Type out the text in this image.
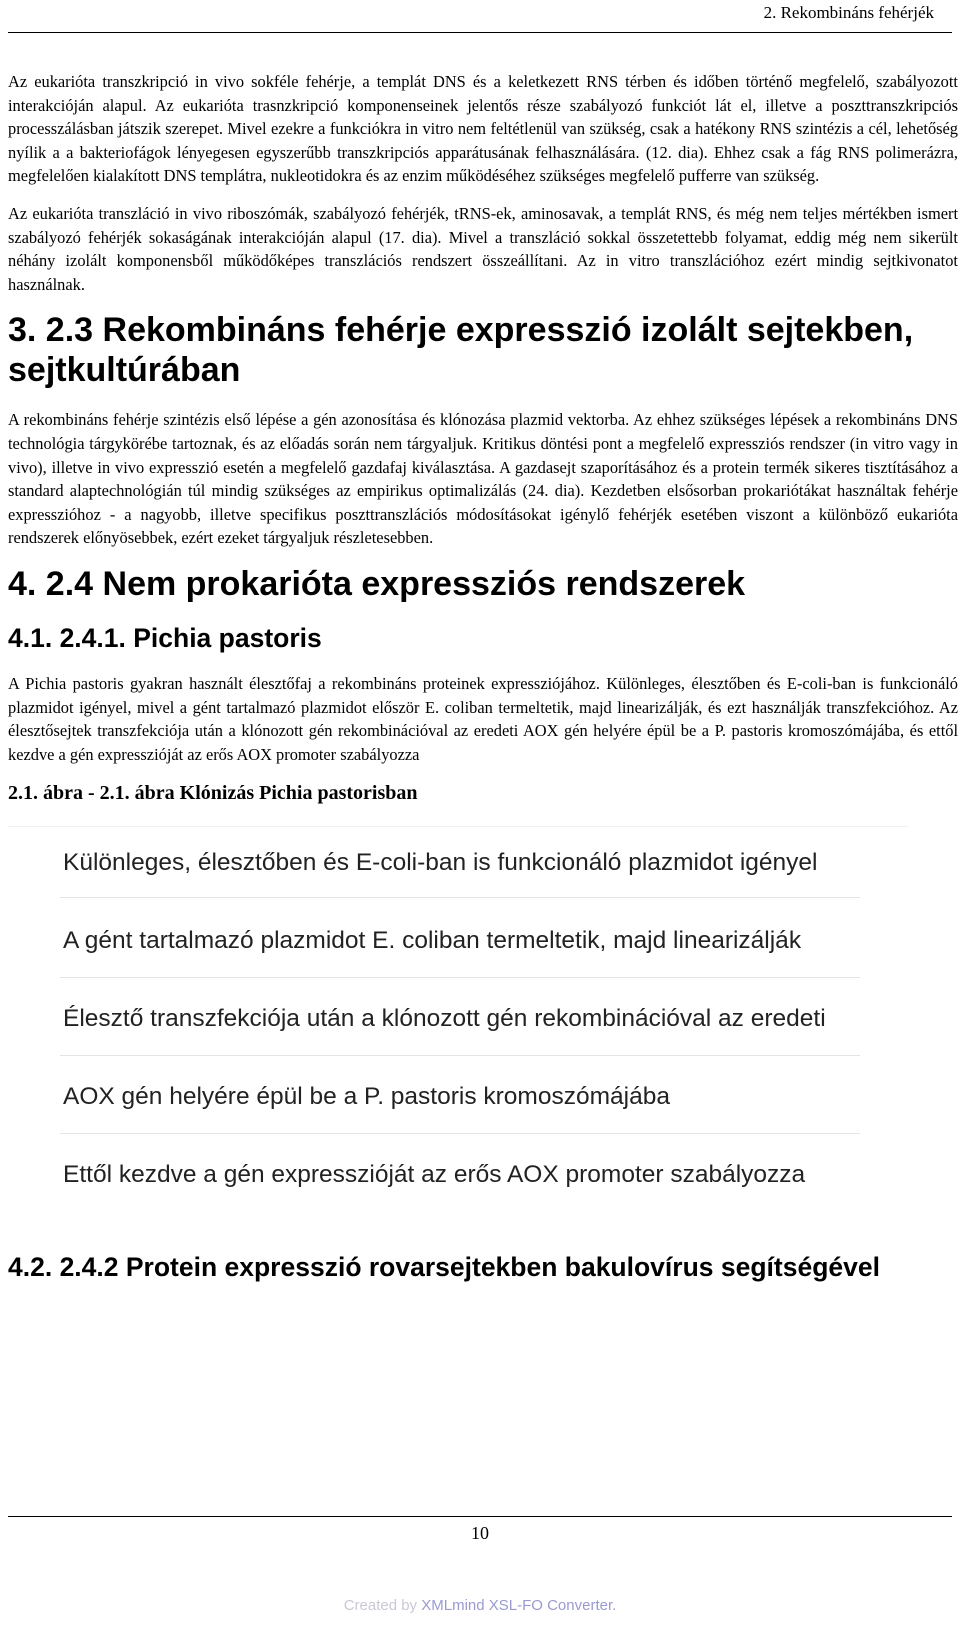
2. Rekombináns fehérjék

Az eukarióta transzkripció in vivo sokféle fehérje, a templát DNS és a keletkezett RNS térben és időben történő megfelelő, szabályozott interakcióján alapul. Az eukarióta trasnzkripció komponenseinek jelentős része szabályozó funkciót lát el, illetve a poszttranszkripciós processzálásban játszik szerepet. Mivel ezekre a funkciókra in vitro nem feltétlenül van szükség, csak a hatékony RNS szintézis a cél, lehetőség nyílik a a bakteriofágok lényegesen egyszerűbb transzkripciós apparátusának felhasználására. (12. dia). Ehhez csak a fág RNS polimerázra, megfelelően kialakított DNS templátra, nukleotidokra és az enzim működéséhez szükséges megfelelő pufferre van szükség.

Az eukarióta transzláció in vivo riboszómák, szabályozó fehérjék, tRNS-ek, aminosavak, a templát RNS, és még nem teljes mértékben ismert szabályozó fehérjék sokaságának interakcióján alapul (17. dia). Mivel a transzláció sokkal összetettebb folyamat, eddig még nem sikerült néhány izolált komponensből működőképes transzlációs rendszert összeállítani. Az in vitro transzlációhoz ezért mindig sejtkivonatot használnak.

3. 2.3 Rekombináns fehérje expresszió izolált sejtekben, sejtkultúrában

A rekombináns fehérje szintézis első lépése a gén azonosítása és klónozása plazmid vektorba. Az ehhez szükséges lépések a rekombináns DNS technológia tárgykörébe tartoznak, és az előadás során nem tárgyaljuk. Kritikus döntési pont a megfelelő expressziós rendszer (in vitro vagy in vivo), illetve in vivo expresszió esetén a megfelelő gazdafaj kiválasztása. A gazdasejt szaporításához és a protein termék sikeres tisztításához a standard alaptechnológián túl mindig szükséges az empirikus optimalizálás (24. dia). Kezdetben elsősorban prokariótákat használtak fehérje expresszióhoz - a nagyobb, illetve specifikus poszttranszlációs módosításokat igénylő fehérjék esetében viszont a különböző eukarióta rendszerek előnyösebbek, ezért ezeket tárgyaljuk részletesebben.

4. 2.4 Nem prokarióta expressziós rendszerek
4.1. 2.4.1. Pichia pastoris

A Pichia pastoris gyakran használt élesztőfaj a rekombináns proteinek expressziójához. Különleges, élesztőben és E-coli-ban is funkcionáló plazmidot igényel, mivel a gént tartalmazó plazmidot először E. coliban termeltetik, majd linearizálják, és ezt használják transzfekcióhoz. Az élesztősejtek transzfekciója után a klónozott gén rekombinációval az eredeti AOX gén helyére épül be a P. pastoris kromoszómájába, és ettől kezdve a gén expresszióját az erős AOX promoter szabályozza

2.1. ábra - 2.1. ábra Klónizás Pichia pastorisban
Különleges, élesztőben és E-coli-ban is funkcionáló plazmidot igényel
A gént tartalmazó plazmidot E. coliban termeltetik, majd linearizálják
Élesztő transzfekciója után a klónozott gén rekombinációval az eredeti
AOX gén helyére épül be a P. pastoris kromoszómájába
Ettől kezdve a gén expresszióját az erős AOX promoter szabályozza
4.2. 2.4.2 Protein expresszió rovarsejtekben bakulovírus segítségével
10
Created by XMLmind XSL-FO Converter.
